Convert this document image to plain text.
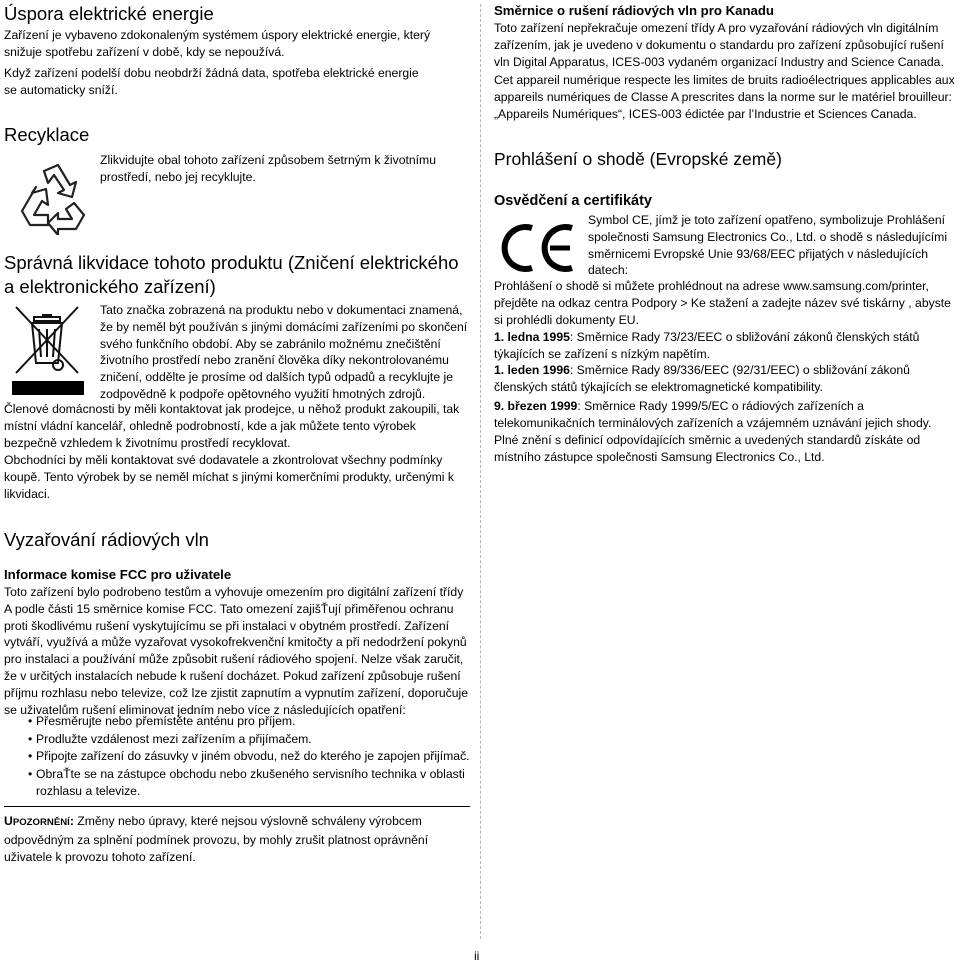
Úspora elektrické energie

Zařízení je vybaveno zdokonaleným systémem úspory elektrické energie, který snižuje spotřebu zařízení v době, kdy se nepoužívá.

Když zařízení podelší dobu neobdrží žádná data, spotřeba elektrické energie se automaticky sníží.

Recyklace

Zlikvidujte obal tohoto zařízení způsobem šetrným k životnímu prostředí, nebo jej recyklujte.

Správná likvidace tohoto produktu (Zničení elektrického a elektronického zařízení)

Tato značka zobrazená na produktu nebo v dokumentaci znamená, že by neměl být používán s jinými domácími zařízeními po skončení svého funkčního období. Aby se zabránilo možnému znečištění životního prostředí nebo zranění člověka díky nekontrolovanému zničení, oddělte je prosíme od dalších typů odpadů a recyklujte je zodpovědně k podpoře opětovného využití hmotných zdrojů.

Členové domácnosti by měli kontaktovat jak prodejce, u něhož produkt zakoupili, tak místní vládní kancelář, ohledně podrobností, kde a jak můžete tento výrobek bezpečně vzhledem k životnímu prostředí recyklovat.

Obchodníci by měli kontaktovat své dodavatele a zkontrolovat všechny podmínky koupě. Tento výrobek by se neměl míchat s jinými komerčními produkty, určenými k likvidaci.

Vyzařování rádiových vln
Informace komise FCC pro uživatele

Toto zařízení bylo podrobeno testům a vyhovuje omezením pro digitální zařízení třídy A podle části 15 směrnice komise FCC. Tato omezení zajišŤují přiměřenou ochranu proti škodlivému rušení vyskytujícímu se při instalaci v obytném prostředí. Zařízení vytváří, využívá a může vyzařovat vysokofrekvenční kmitočty a při nedodržení pokynů pro instalaci a používání může způsobit rušení rádiového spojení. Nelze však zaručit, že v určitých instalacích nebude k rušení docházet. Pokud zařízení způsobuje rušení příjmu rozhlasu nebo televize, což lze zjistit zapnutím a vypnutím zařízení, doporučuje se uživatelům rušení eliminovat jedním nebo více z následujících opatření:

• Přesměrujte nebo přemístěte anténu pro příjem.
• Prodlužte vzdálenost mezi zařízením a přijímačem.
• Připojte zařízení do zásuvky v jiném obvodu, než do kterého je zapojen přijímač.
• ObraŤte se na zástupce obchodu nebo zkušeného servisního technika v oblasti rozhlasu a televize.

UPOZORNĚNÍ: Změny nebo úpravy, které nejsou výslovně schváleny výrobcem odpovědným za splnění podmínek provozu, by mohly zrušit platnost oprávnění uživatele k provozu tohoto zařízení.

Směrnice o rušení rádiových vln pro Kanadu

Toto zařízení nepřekračuje omezení třídy A pro vyzařování rádiových vln digitálním zařízením, jak je uvedeno v dokumentu o standardu pro zařízení způsobující rušení vln Digital Apparatus, ICES-003 vydaném organizací Industry and Science Canada.

Cet appareil numérique respecte les limites de bruits radioélectriques applicables aux appareils numériques de Classe A prescrites dans la norme sur le matériel brouilleur: „Appareils Numériques“, ICES-003 édictée par l’Industrie et Sciences Canada.

Prohlášení o shodě (Evropské země)
Osvědčení a certifikáty

Symbol CE, jímž je toto zařízení opatřeno, symbolizuje Prohlášení společnosti Samsung Electronics Co., Ltd. o shodě s následujícími směrnicemi Evropské Unie 93/68/EEC přijatých v následujících datech:

Prohlášení o shodě si můžete prohlédnout na adrese www.samsung.com/printer, přejděte na odkaz centra Podpory > Ke stažení a zadejte název své tiskárny , abyste si prohlédli dokumenty EU.

1. ledna 1995: Směrnice Rady 73/23/EEC o sbližování zákonů členských států týkajících se zařízení s nízkým napětím.

1. leden 1996: Směrnice Rady 89/336/EEC (92/31/EEC) o sbližování zákonů členských států týkajících se elektromagnetické kompatibility.

9. březen 1999: Směrnice Rady 1999/5/EC o rádiových zařízeních a telekomunikačních terminálových zařízeních a vzájemném uznávání jejich shody.

Plné znění s definicí odpovídajících směrnic a uvedených standardů získáte od místního zástupce společnosti Samsung Electronics Co., Ltd.

ii
